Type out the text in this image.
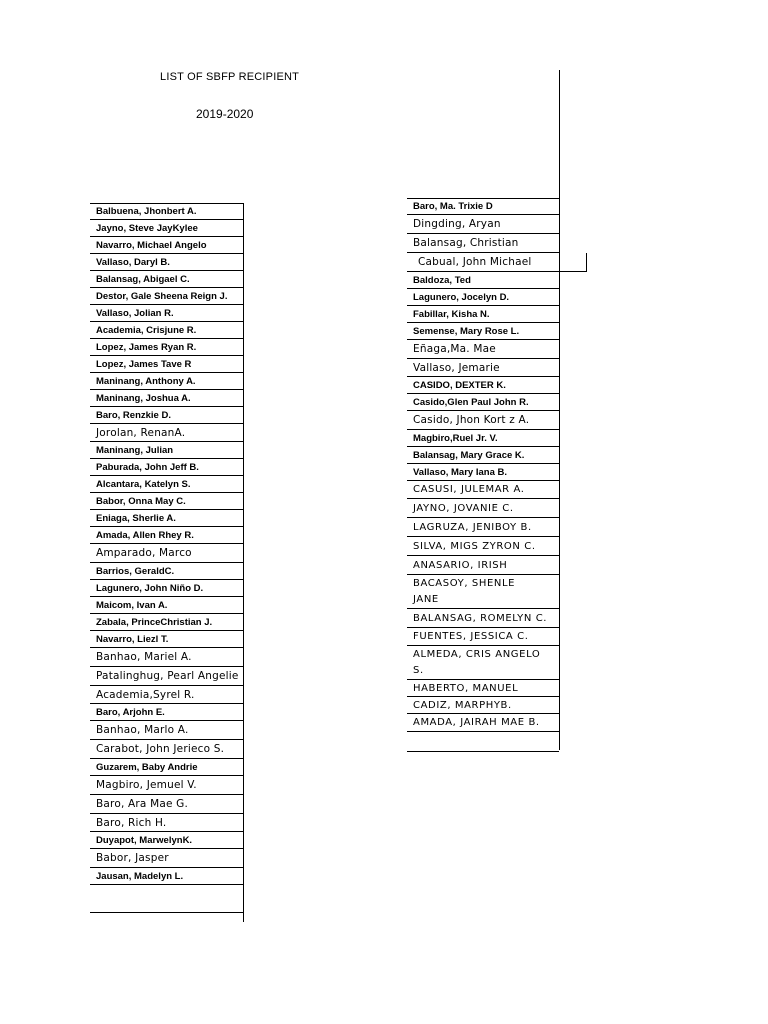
LIST OF SBFP RECIPIENT
2019-2020
Balbuena, Jhonbert A.
Jayno, Steve JayKylee
Navarro, Michael Angelo
Vallaso, Daryl B.
Balansag, Abigael C.
Destor, Gale Sheena Reign J.
Vallaso, Jolian R.
Academia, Crisjune R.
Lopez, James Ryan R.
Lopez, James Tave R
Maninang, Anthony A.
Maninang, Joshua A.
Baro, Renzkie D.
Jorolan, RenanA.
Maninang, Julian
Paburada, John Jeff B.
Alcantara, Katelyn S.
Babor, Onna May C.
Eniaga, Sherlie A.
Amada, Allen Rhey R.
Amparado, Marco
Barrios, GeraldC.
Lagunero, John Niño D.
Maicom, Ivan A.
Zabala, PrinceChristian J.
Navarro, Liezl T.
Banhao, Mariel A.
Patalinghug, Pearl Angelie
Academia,Syrel R.
Baro, Arjohn E.
Banhao, Marlo A.
Carabot, John Jerieco S.
Guzarem, Baby Andrie
Magbiro, Jemuel V.
Baro, Ara Mae G.
Baro, Rich H.
Duyapot, MarwelynK.
Babor, Jasper
Jausan, Madelyn L.
Baro, Ma. Trixie D
Dingding, Aryan
Balansag, Christian
Cabual, John Michael
Baldoza, Ted
Lagunero, Jocelyn D.
Fabillar, Kisha N.
Semense, Mary Rose L.
Eñaga,Ma. Mae
Vallaso, Jemarie
CASIDO, DEXTER K.
Casido,Glen Paul John R.
Casido, Jhon Kort z A.
Magbiro,Ruel Jr. V.
Balansag, Mary Grace K.
Vallaso, Mary Iana B.
CASUSI, JULEMAR A.
JAYNO, JOVANIE C.
LAGRUZA, JENIBOY B.
SILVA, MIGS ZYRON C.
ANASARIO, IRISH
BACASOY, SHENLE JANE
BALANSAG, ROMELYN C.
FUENTES, JESSICA C.
ALMEDA, CRIS ANGELO S.
HABERTO, MANUEL
CADIZ, MARPHYB.
AMADA, JAIRAH MAE B.
